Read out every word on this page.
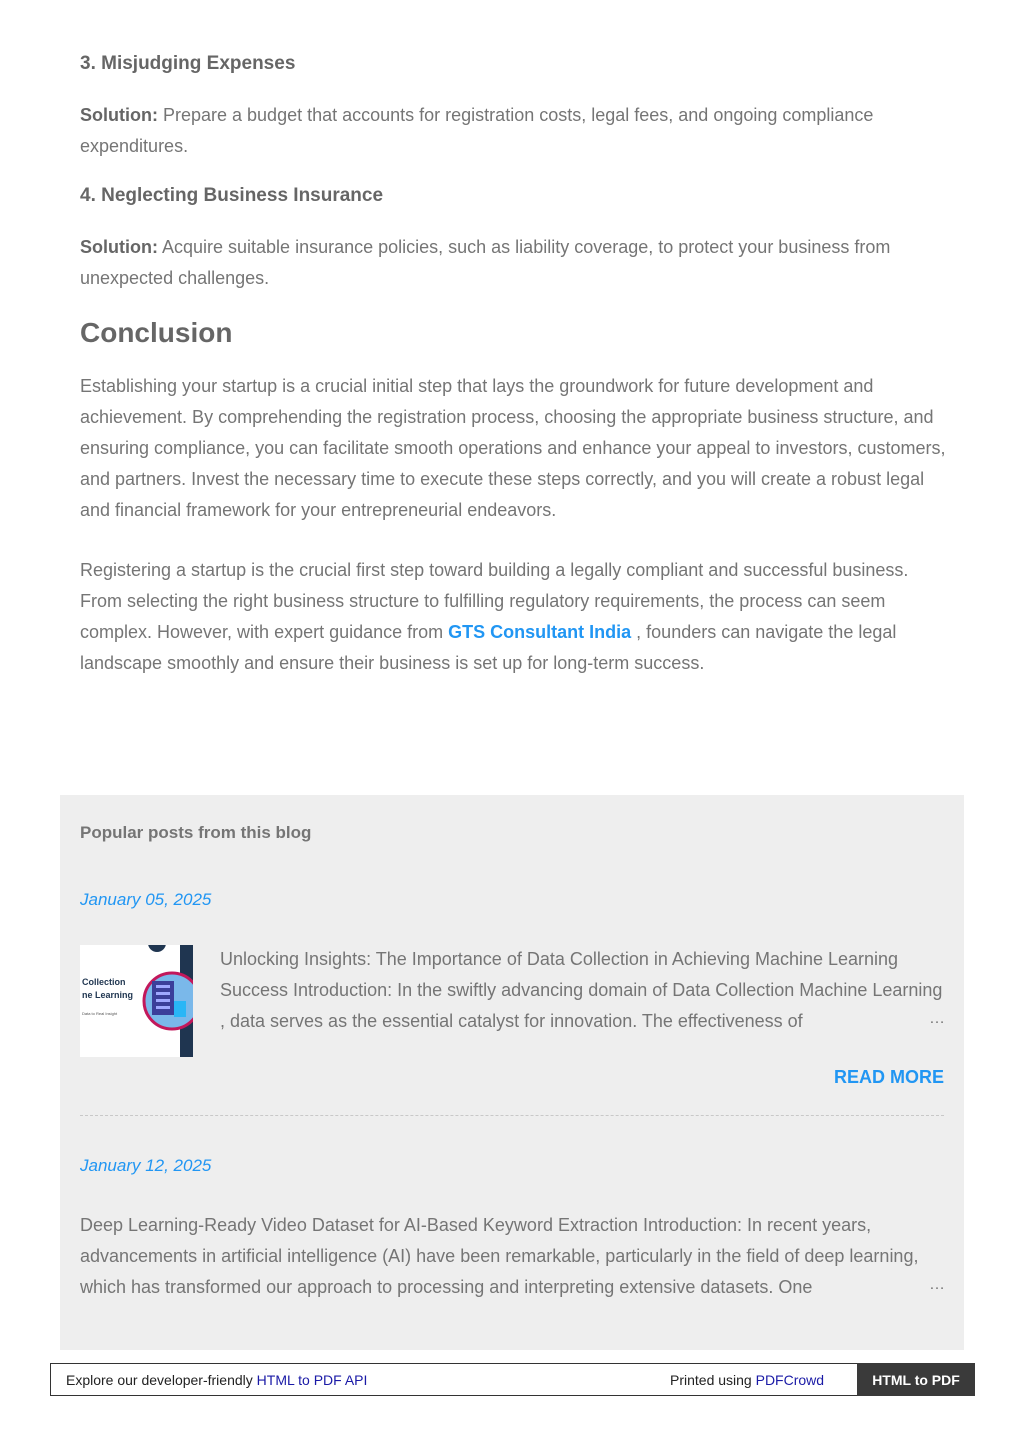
3. Misjudging Expenses

Solution: Prepare a budget that accounts for registration costs, legal fees, and ongoing compliance expenditures.

4. Neglecting Business Insurance

Solution: Acquire suitable insurance policies, such as liability coverage, to protect your business from unexpected challenges.

Conclusion

Establishing your startup is a crucial initial step that lays the groundwork for future development and achievement. By comprehending the registration process, choosing the appropriate business structure, and ensuring compliance, you can facilitate smooth operations and enhance your appeal to investors, customers, and partners. Invest the necessary time to execute these steps correctly, and you will create a robust legal and financial framework for your entrepreneurial endeavors.

Registering a startup is the crucial first step toward building a legally compliant and successful business. From selecting the right business structure to fulfilling regulatory requirements, the process can seem complex. However, with expert guidance from GTS Consultant India , founders can navigate the legal landscape smoothly and ensure their business is set up for long-term success.

Popular posts from this blog

January 05, 2025

Collection
ne Learning
Data to Real Insight

Unlocking Insights: The Importance of Data Collection in Achieving Machine Learning Success Introduction: In the swiftly advancing domain of Data Collection Machine Learning , data serves as the essential catalyst for innovation. The effectiveness of	…
READ MORE

January 12, 2025

Deep Learning-Ready Video Dataset for AI-Based Keyword Extraction Introduction: In recent years, advancements in artificial intelligence (AI) have been remarkable, particularly in the field of deep learning, which has transformed our approach to processing and interpreting extensive datasets. One	…
Explore our developer-friendly HTML to PDF API	Printed using PDFCrowd	HTML to PDF
